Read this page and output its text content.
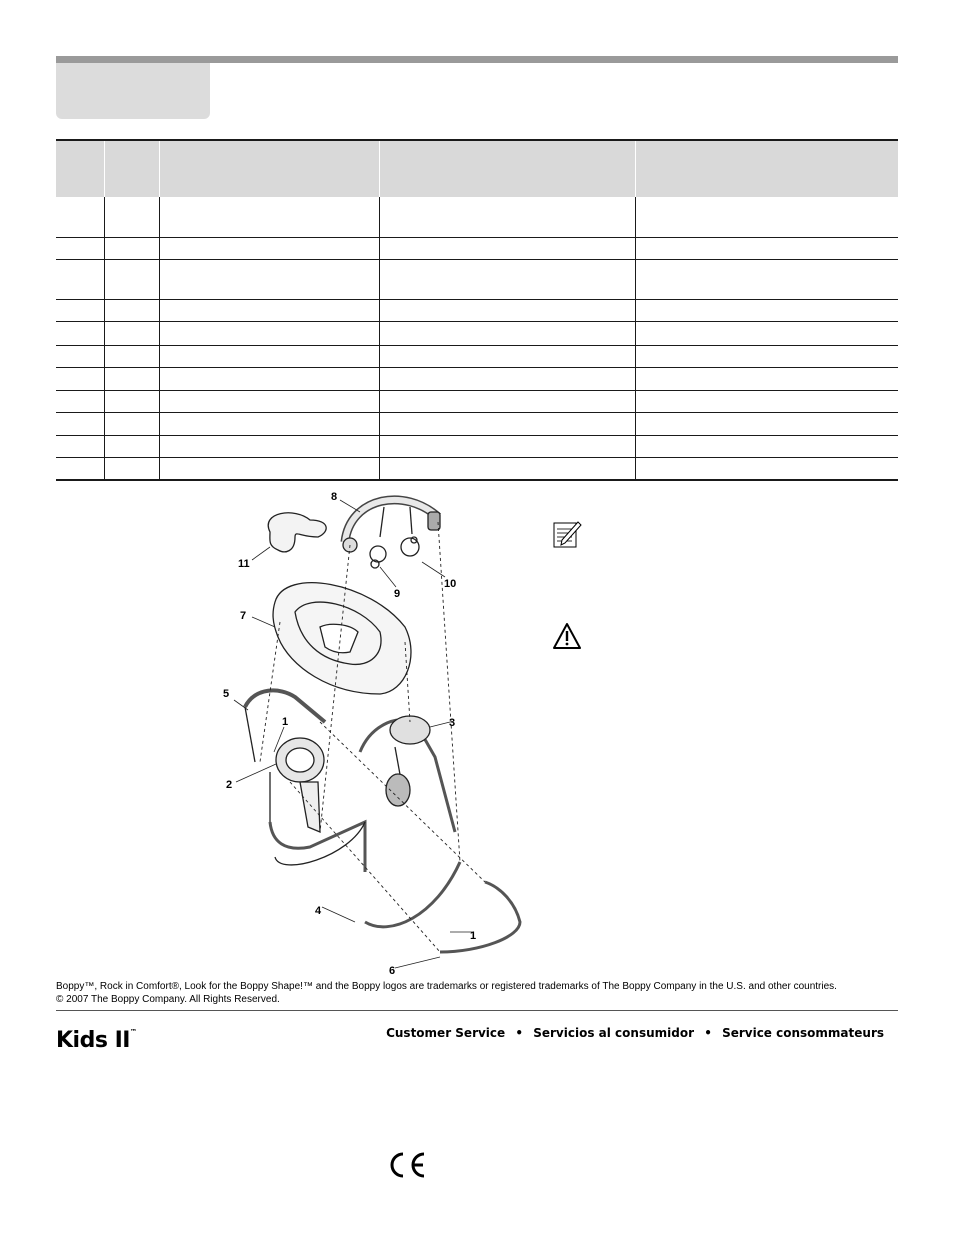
8
11
9
10
7
5
1	3
2
4
1
6
Boppy™, Rock in Comfort®, Look for the Boppy Shape!™ and the Boppy logos are trademarks or registered trademarks of The Boppy Company in the U.S. and other countries.
© 2007 The Boppy Company. All Rights Reserved.
Kids II™	Customer Service • Servicios al consumidor • Service consommateurs
